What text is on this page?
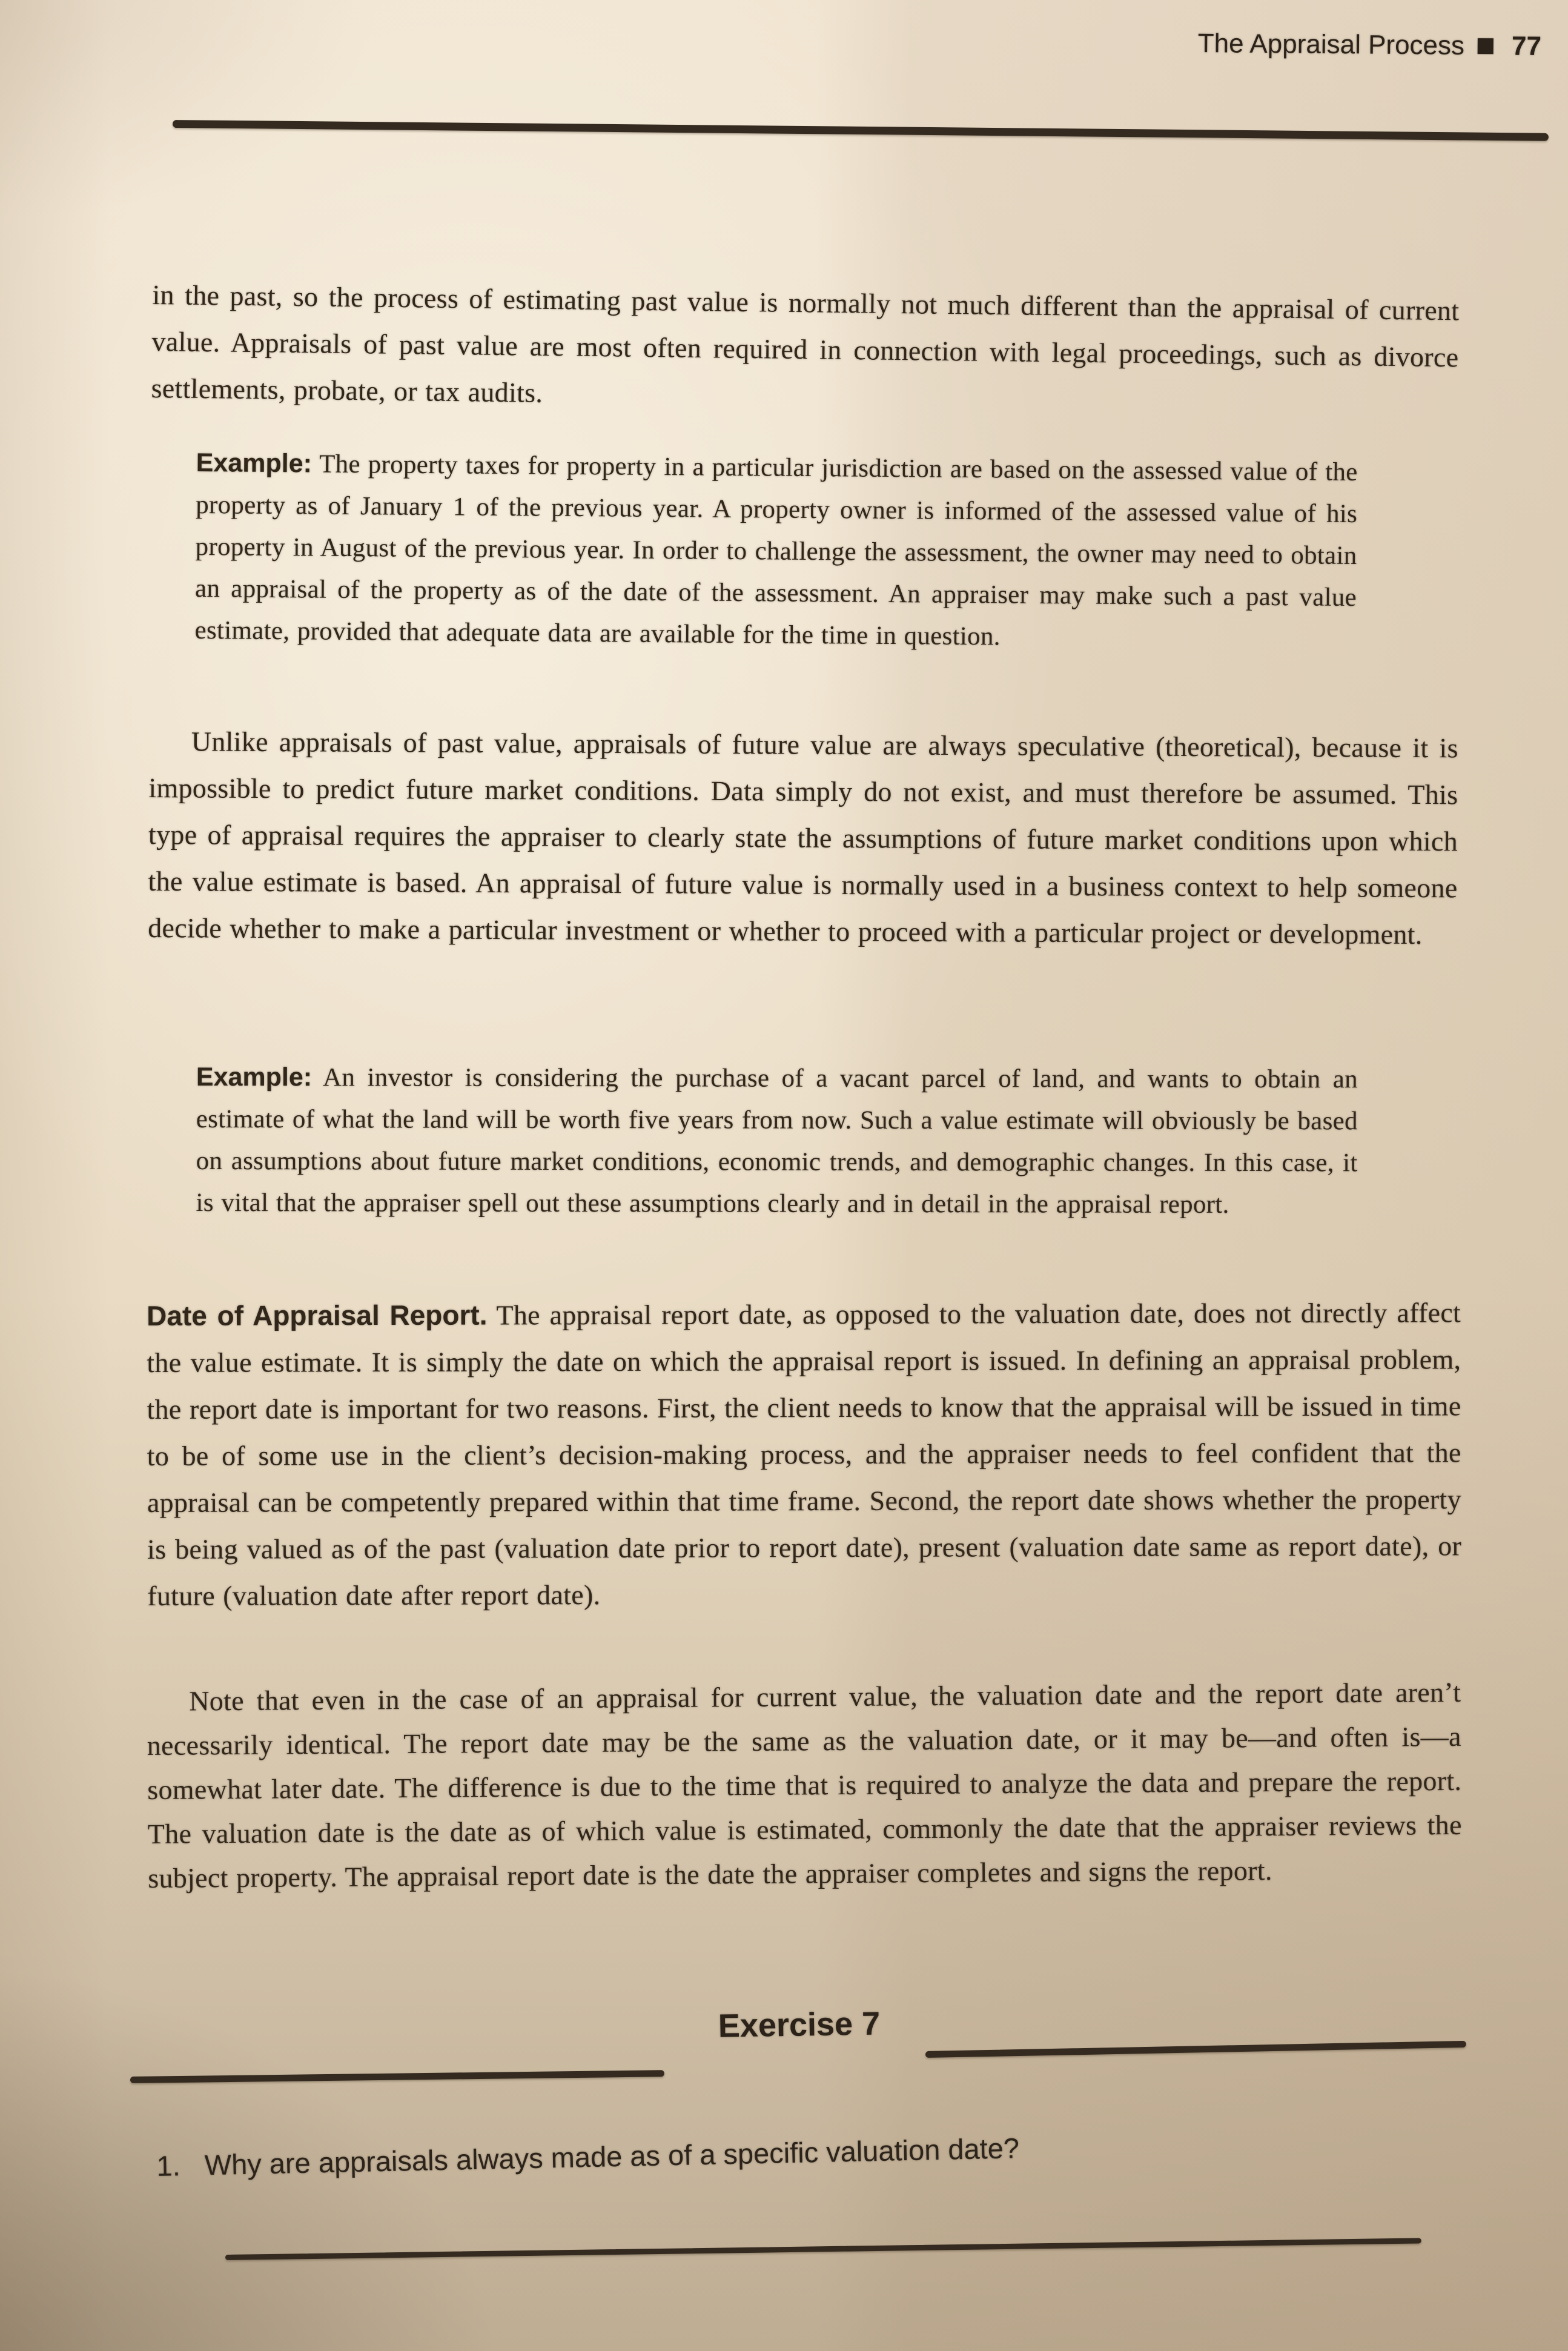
The Appraisal Process 77
in the past, so the process of estimating past value is normally not much different than the appraisal of current value. Appraisals of past value are most often required in connection with legal proceedings, such as divorce settlements, probate, or tax audits.
Example: The property taxes for property in a particular jurisdiction are based on the assessed value of the property as of January 1 of the previous year. A property owner is informed of the assessed value of his property in August of the previous year. In order to challenge the assessment, the owner may need to obtain an appraisal of the property as of the date of the assessment. An appraiser may make such a past value estimate, provided that adequate data are available for the time in question.
Unlike appraisals of past value, appraisals of future value are always speculative (theoretical), because it is impossible to predict future market conditions. Data simply do not exist, and must therefore be assumed. This type of appraisal requires the appraiser to clearly state the assumptions of future market conditions upon which the value estimate is based. An appraisal of future value is normally used in a business context to help someone decide whether to make a particular investment or whether to proceed with a particular project or development.
Example: An investor is considering the purchase of a vacant parcel of land, and wants to obtain an estimate of what the land will be worth five years from now. Such a value estimate will obviously be based on assumptions about future market conditions, economic trends, and demographic changes. In this case, it is vital that the appraiser spell out these assumptions clearly and in detail in the appraisal report.
Date of Appraisal Report. The appraisal report date, as opposed to the valuation date, does not directly affect the value estimate. It is simply the date on which the appraisal report is issued. In defining an appraisal problem, the report date is important for two reasons. First, the client needs to know that the appraisal will be issued in time to be of some use in the client’s decision-making process, and the appraiser needs to feel confident that the appraisal can be competently prepared within that time frame. Second, the report date shows whether the property is being valued as of the past (valuation date prior to report date), present (valuation date same as report date), or future (valuation date after report date).
Note that even in the case of an appraisal for current value, the valuation date and the report date aren’t necessarily identical. The report date may be the same as the valuation date, or it may be—and often is—a somewhat later date. The difference is due to the time that is required to analyze the data and prepare the report. The valuation date is the date as of which value is estimated, commonly the date that the appraiser reviews the subject property. The appraisal report date is the date the appraiser completes and signs the report.
Exercise 7
1. Why are appraisals always made as of a specific valuation date?
